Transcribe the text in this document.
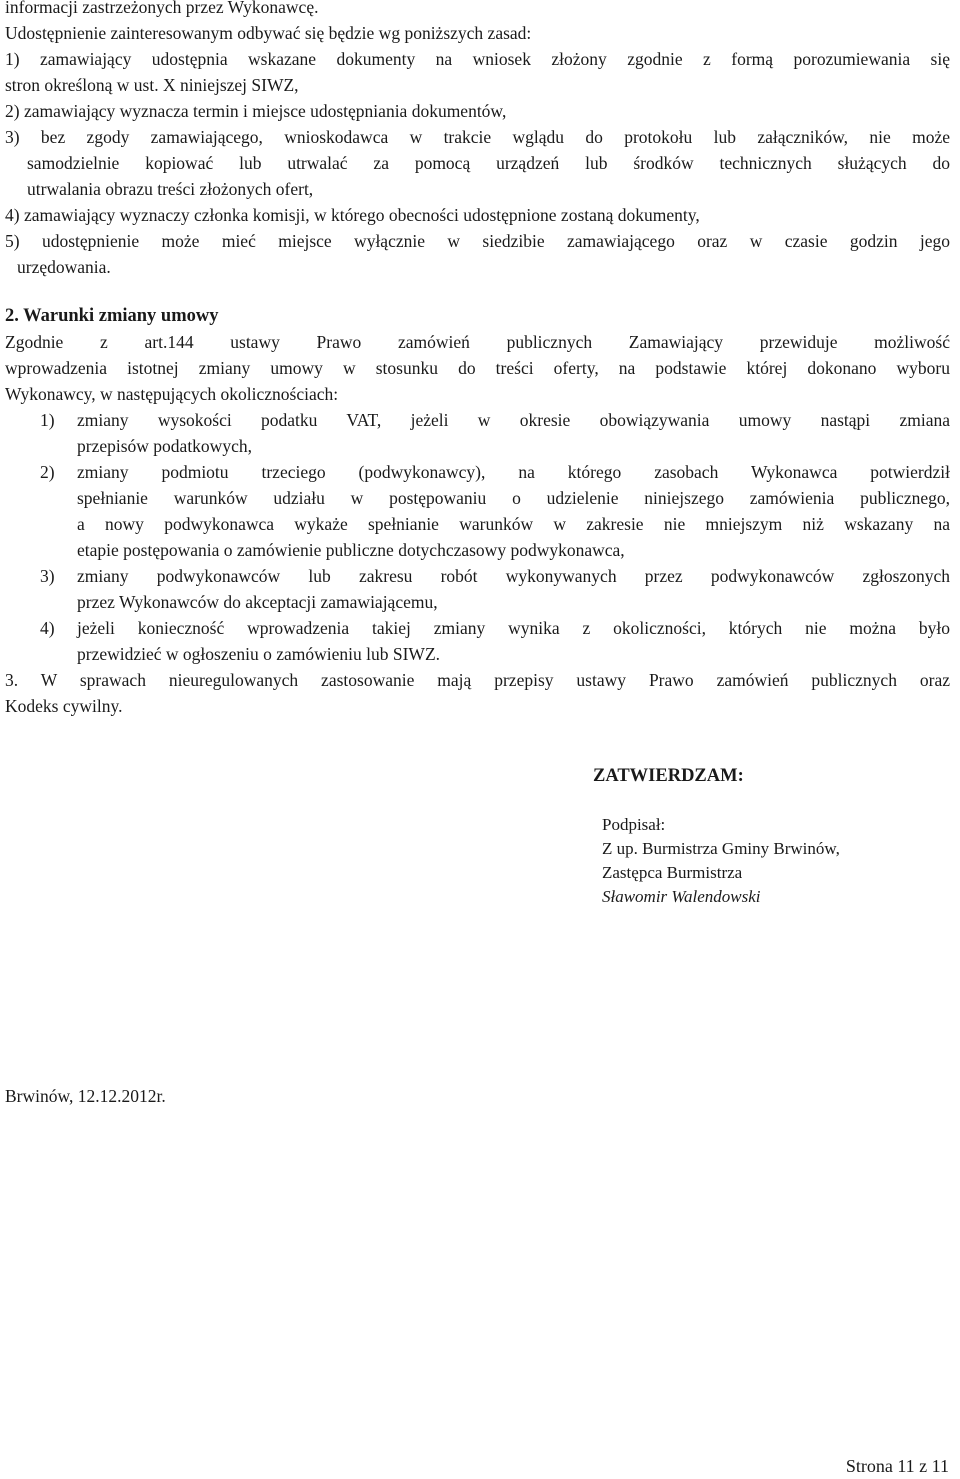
informacji zastrzeżonych przez Wykonawcę.
Udostępnienie zainteresowanym odbywać się będzie wg poniższych zasad:
1) zamawiający udostępnia wskazane dokumenty na wniosek złożony zgodnie z formą porozumiewania się
stron określoną w ust. X niniejszej SIWZ,
2) zamawiający wyznacza termin i miejsce udostępniania dokumentów,
3) bez zgody zamawiającego, wnioskodawca w trakcie wglądu do protokołu lub załączników, nie może
samodzielnie kopiować lub utrwalać za pomocą urządzeń lub środków technicznych służących do
utrwalania obrazu treści złożonych ofert,
4) zamawiający wyznaczy członka komisji, w którego obecności udostępnione zostaną dokumenty,
5) udostępnienie może mieć miejsce wyłącznie w siedzibie zamawiającego oraz w czasie godzin jego
urzędowania.
2. Warunki zmiany umowy
Zgodnie z art.144 ustawy Prawo zamówień publicznych Zamawiający przewiduje możliwość
wprowadzenia istotnej zmiany umowy w stosunku do treści oferty, na podstawie której dokonano wyboru
Wykonawcy, w następujących okolicznościach:
1)	zmiany wysokości podatku VAT, jeżeli w okresie obowiązywania umowy nastąpi zmiana
przepisów podatkowych,
2)	zmiany podmiotu trzeciego (podwykonawcy), na którego zasobach Wykonawca potwierdził
spełnianie warunków udziału w postępowaniu o udzielenie niniejszego zamówienia publicznego,
a nowy podwykonawca wykaże spełnianie warunków w zakresie nie mniejszym niż wskazany na
etapie postępowania o zamówienie publiczne dotychczasowy podwykonawca,
3)	zmiany podwykonawców lub zakresu robót wykonywanych przez podwykonawców zgłoszonych
przez Wykonawców do akceptacji zamawiającemu,
4)	jeżeli konieczność wprowadzenia takiej zmiany wynika z okoliczności, których nie można było
przewidzieć w ogłoszeniu o zamówieniu lub SIWZ.
3. W sprawach nieuregulowanych zastosowanie mają przepisy ustawy Prawo zamówień publicznych oraz
Kodeks cywilny.
ZATWIERDZAM:
Podpisał:
Z up. Burmistrza Gminy Brwinów,
Zastępca Burmistrza
Sławomir Walendowski
Brwinów, 12.12.2012r.
Strona 11 z 11
